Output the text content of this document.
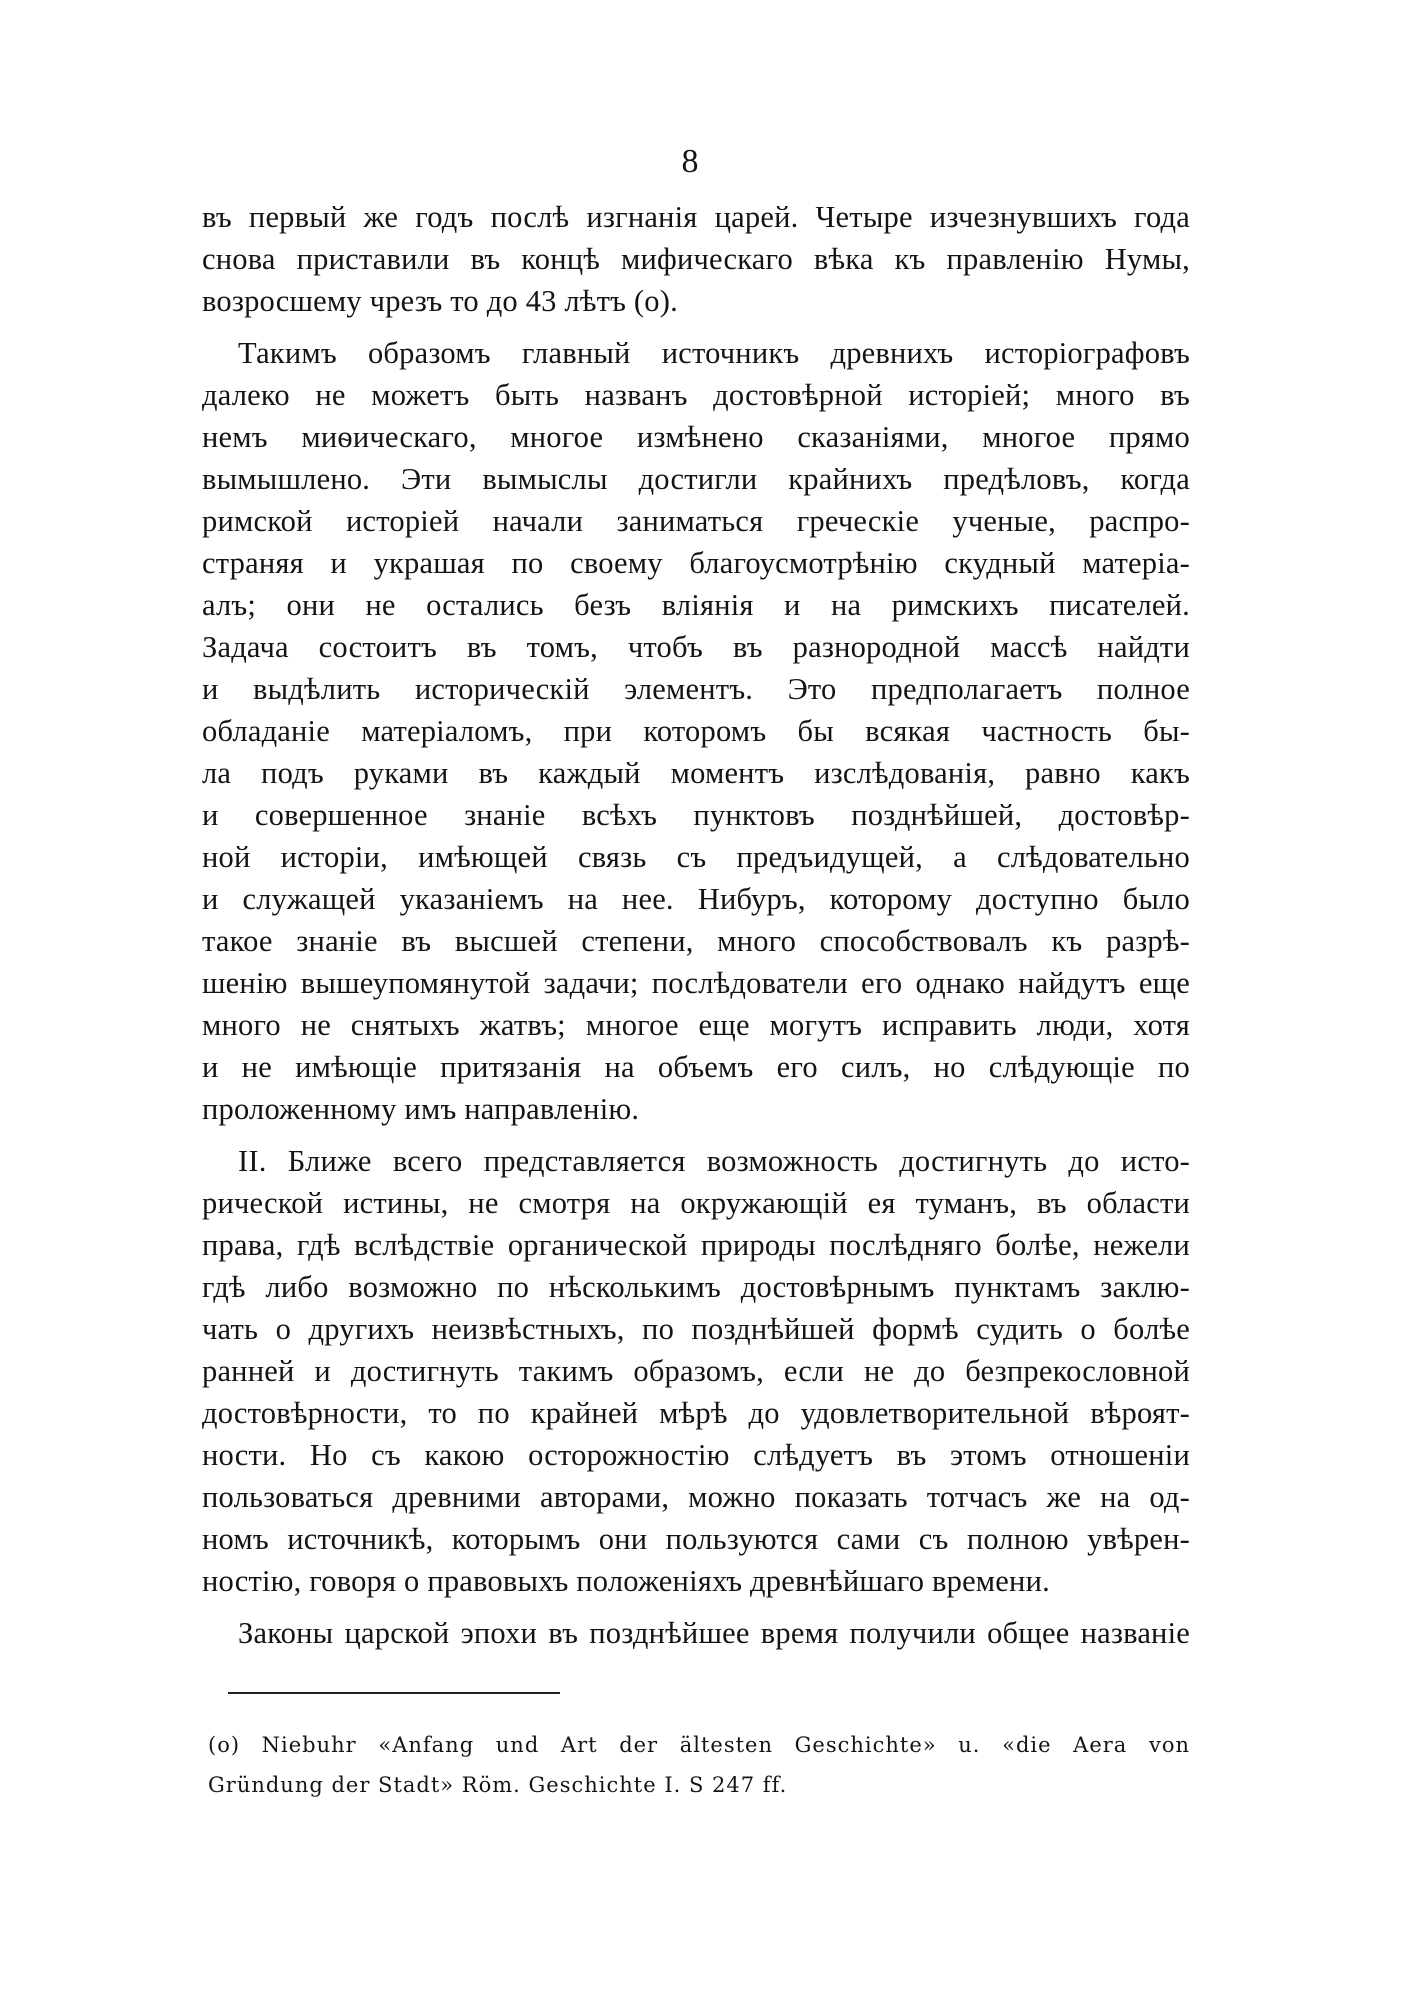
8
въ первый же годъ послѣ изгнанія царей. Четыре изчезнувшихъ года
снова приставили въ концѣ мифическаго вѣка къ правленію Нумы,
возросшему чрезъ то до 43 лѣтъ (о).
Такимъ образомъ главный источникъ древнихъ исторіографовъ
далеко не можетъ быть названъ достовѣрной исторіей; много въ
немъ миѳическаго, многое измѣнено сказаніями, многое прямо
вымышлено. Эти вымыслы достигли крайнихъ предѣловъ, когда
римской исторіей начали заниматься греческіе ученые, распро-
страняя и украшая по своему благоусмотрѣнію скудный матеріа-
алъ; они не остались безъ вліянія и на римскихъ писателей.
Задача состоитъ въ томъ, чтобъ въ разнородной массѣ найдти
и выдѣлить историческій элементъ. Это предполагаетъ полное
обладаніе матеріаломъ, при которомъ бы всякая частность бы-
ла подъ руками въ каждый моментъ изслѣдованія, равно какъ
и совершенное знаніе всѣхъ пунктовъ позднѣйшей, достовѣр-
ной исторіи, имѣющей связь съ предъидущей, а слѣдовательно
и служащей указаніемъ на нее. Нибуръ, которому доступно было
такое знаніе въ высшей степени, много способствовалъ къ разрѣ-
шенію вышеупомянутой задачи; послѣдователи его однако найдутъ еще
много не снятыхъ жатвъ; многое еще могутъ исправить люди, хотя
и не имѣющіе притязанія на объемъ его силъ, но слѣдующіе по
проложенному имъ направленію.
II. Ближе всего представляется возможность достигнуть до исто-
рической истины, не смотря на окружающій ея туманъ, въ области
права, гдѣ вслѣдствіе органической природы послѣдняго болѣе, нежели
гдѣ либо возможно по нѣсколькимъ достовѣрнымъ пунктамъ заклю-
чать о другихъ неизвѣстныхъ, по позднѣйшей формѣ судить о болѣе
ранней и достигнуть такимъ образомъ, если не до безпрекословной
достовѣрности, то по крайней мѣрѣ до удовлетворительной вѣроят-
ности. Но съ какою осторожностію слѣдуетъ въ этомъ отношеніи
пользоваться древними авторами, можно показать тотчасъ же на од-
номъ источникѣ, которымъ они пользуются сами съ полною увѣрен-
ностію, говоря о правовыхъ положеніяхъ древнѣйшаго времени.
Законы царской эпохи въ позднѣйшее время получили общее названіе
(о) Niebuhr «Anfang und Art der ältesten Geschichte» u. «die Aera von
Gründung der Stadt» Röm. Geschichte I. S 247 ff.
